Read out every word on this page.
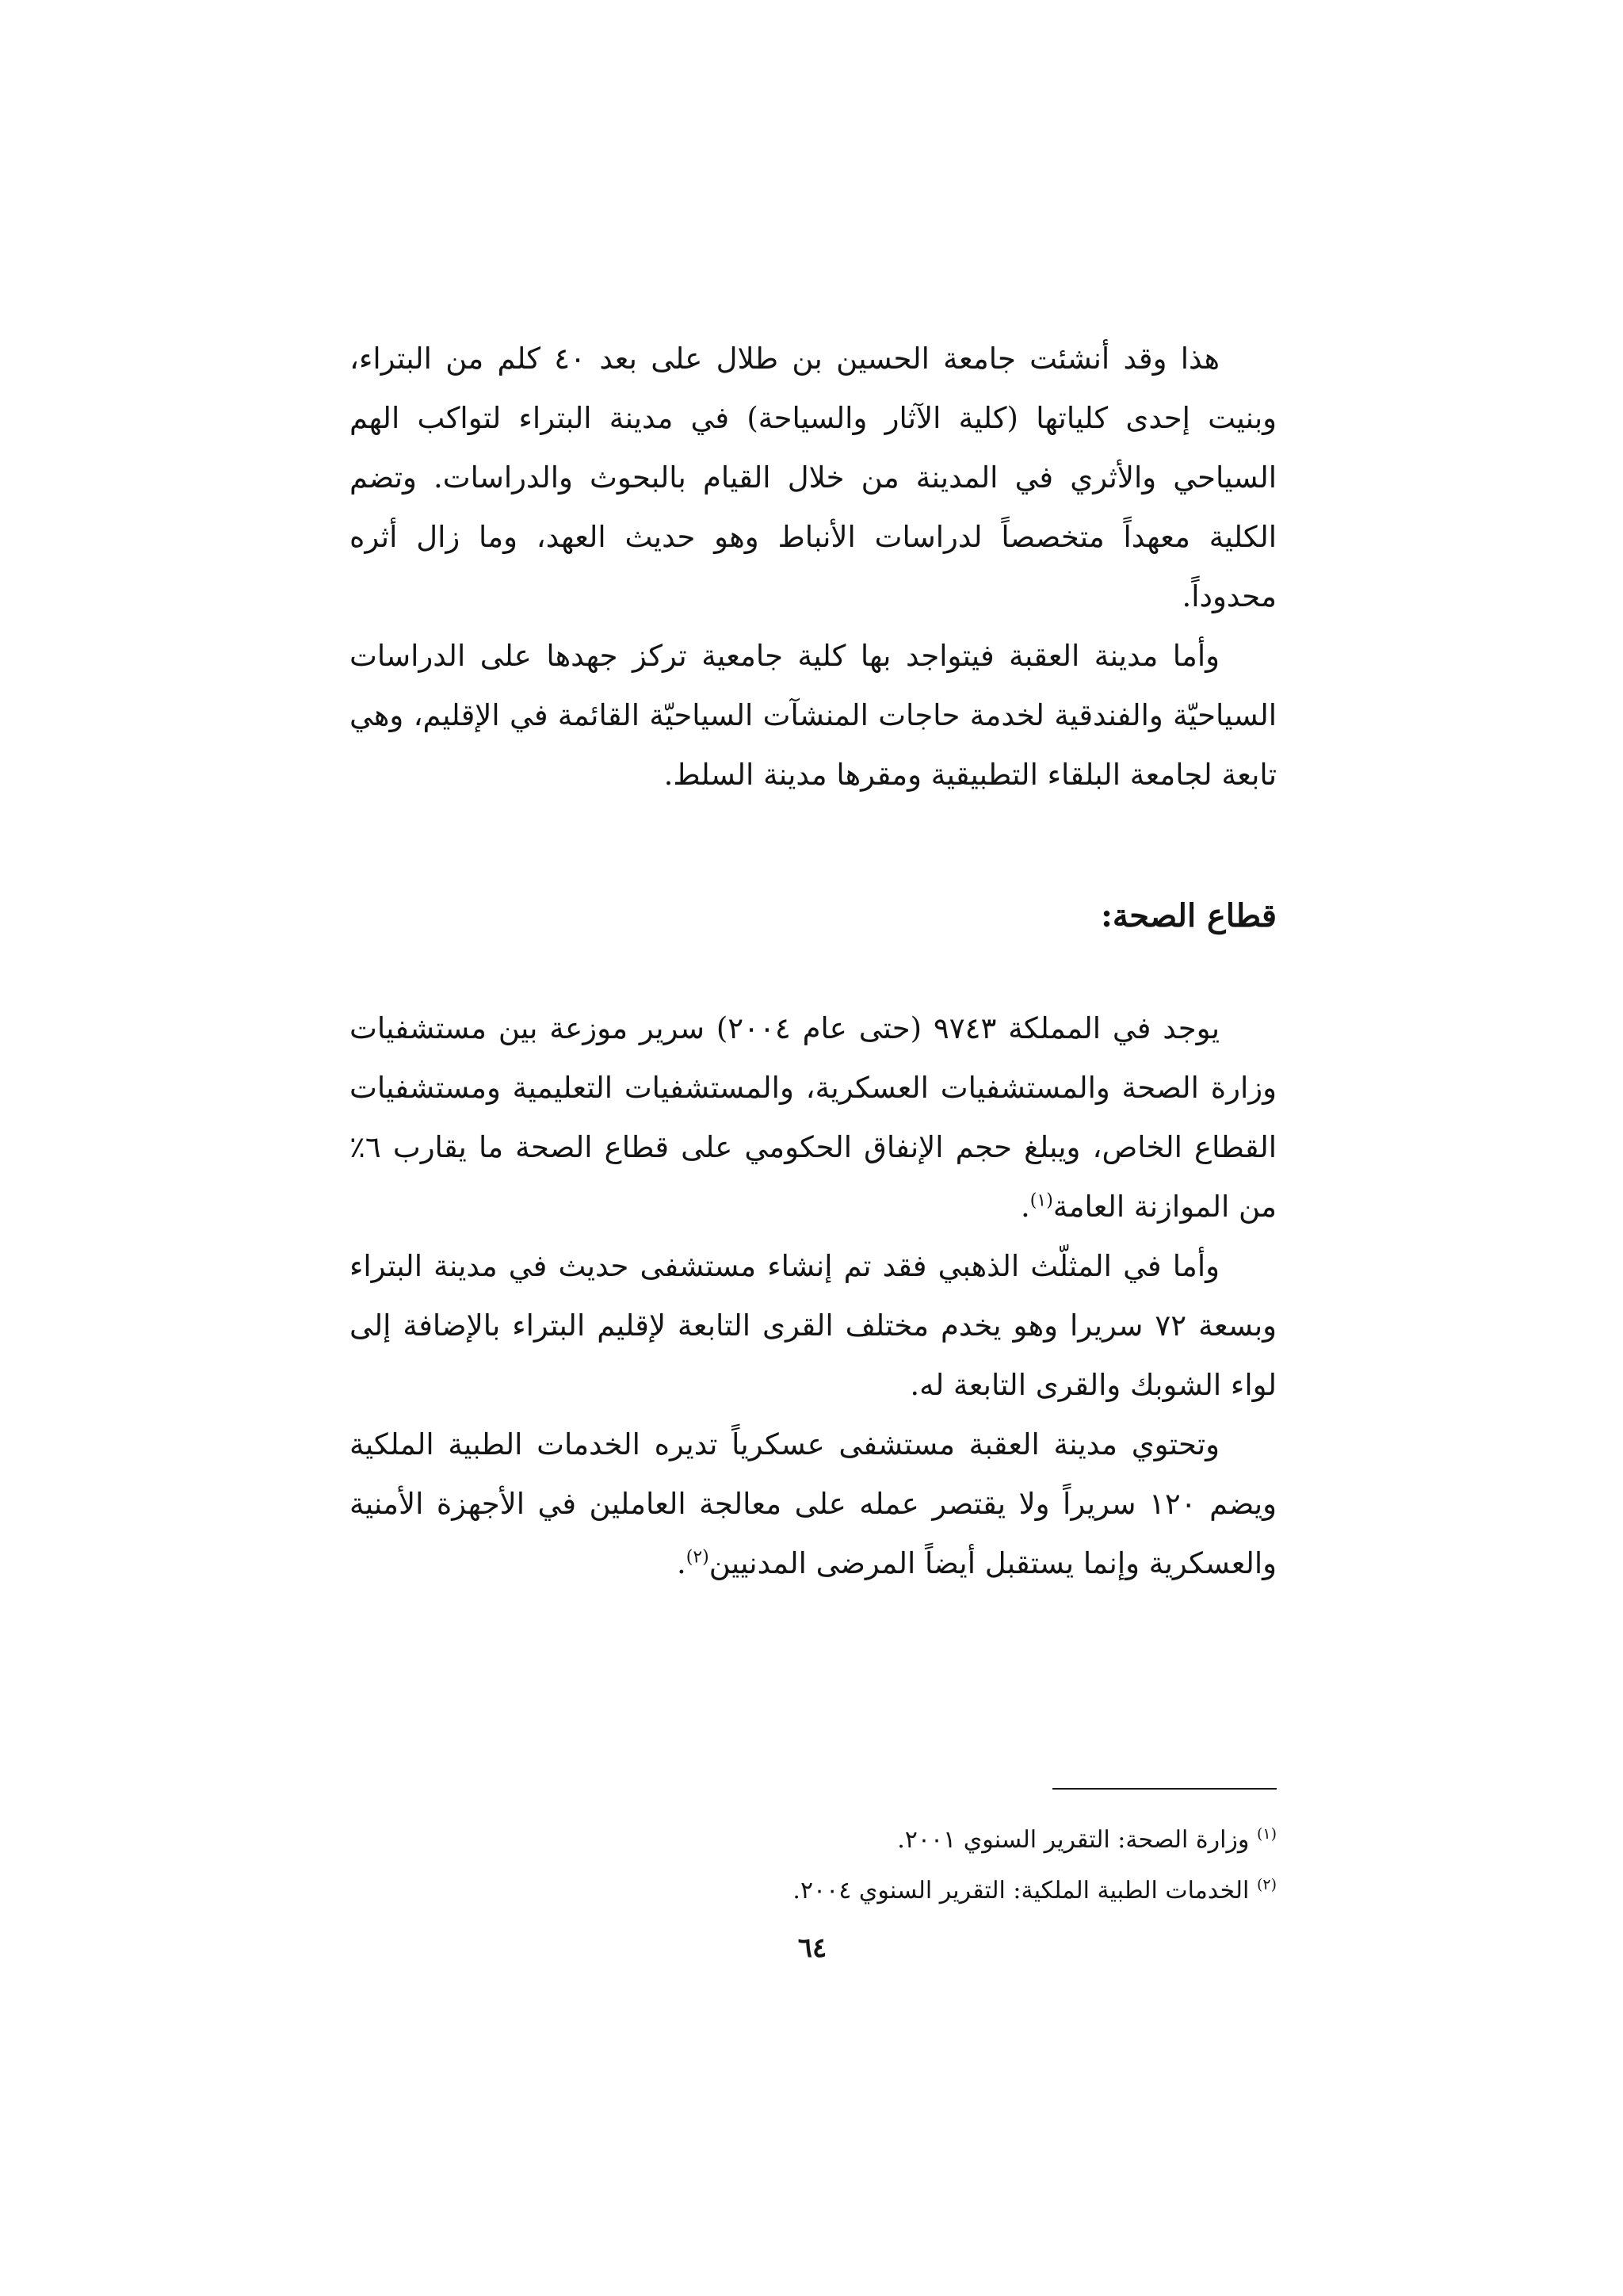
هذا وقد أنشئت جامعة الحسين بن طلال على بعد ٤٠ كلم من البتراء، وبنيت إحدى كلياتها (كلية الآثار والسياحة) في مدينة البتراء لتواكب الهم السياحي والأثري في المدينة من خلال القيام بالبحوث والدراسات. وتضم الكلية معهداً متخصصاً لدراسات الأنباط وهو حديث العهد، وما زال أثره محدوداً.

وأما مدينة العقبة فيتواجد بها كلية جامعية تركز جهدها على الدراسات السياحيّة والفندقية لخدمة حاجات المنشآت السياحيّة القائمة في الإقليم، وهي تابعة لجامعة البلقاء التطبيقية ومقرها مدينة السلط.

قطاع الصحة:

يوجد في المملكة ٩٧٤٣ (حتى عام ٢٠٠٤) سرير موزعة بين مستشفيات وزارة الصحة والمستشفيات العسكرية، والمستشفيات التعليمية ومستشفيات القطاع الخاص، ويبلغ حجم الإنفاق الحكومي على قطاع الصحة ما يقارب ٦٪ من الموازنة العامة$^{(١)}$.

وأما في المثلّث الذهبي فقد تم إنشاء مستشفى حديث في مدينة البتراء وبسعة ٧٢ سريرا وهو يخدم مختلف القرى التابعة لإقليم البتراء بالإضافة إلى لواء الشوبك والقرى التابعة له.

وتحتوي مدينة العقبة مستشفى عسكرياً تديره الخدمات الطبية الملكية ويضم ١٢٠ سريراً ولا يقتصر عمله على معالجة العاملين في الأجهزة الأمنية والعسكرية وإنما يستقبل أيضاً المرضى المدنيين$^{(٢)}$.

$^{(١)}$ وزارة الصحة: التقرير السنوي ٢٠٠١.

$^{(٢)}$ الخدمات الطبية الملكية: التقرير السنوي ٢٠٠٤.

٦٤
